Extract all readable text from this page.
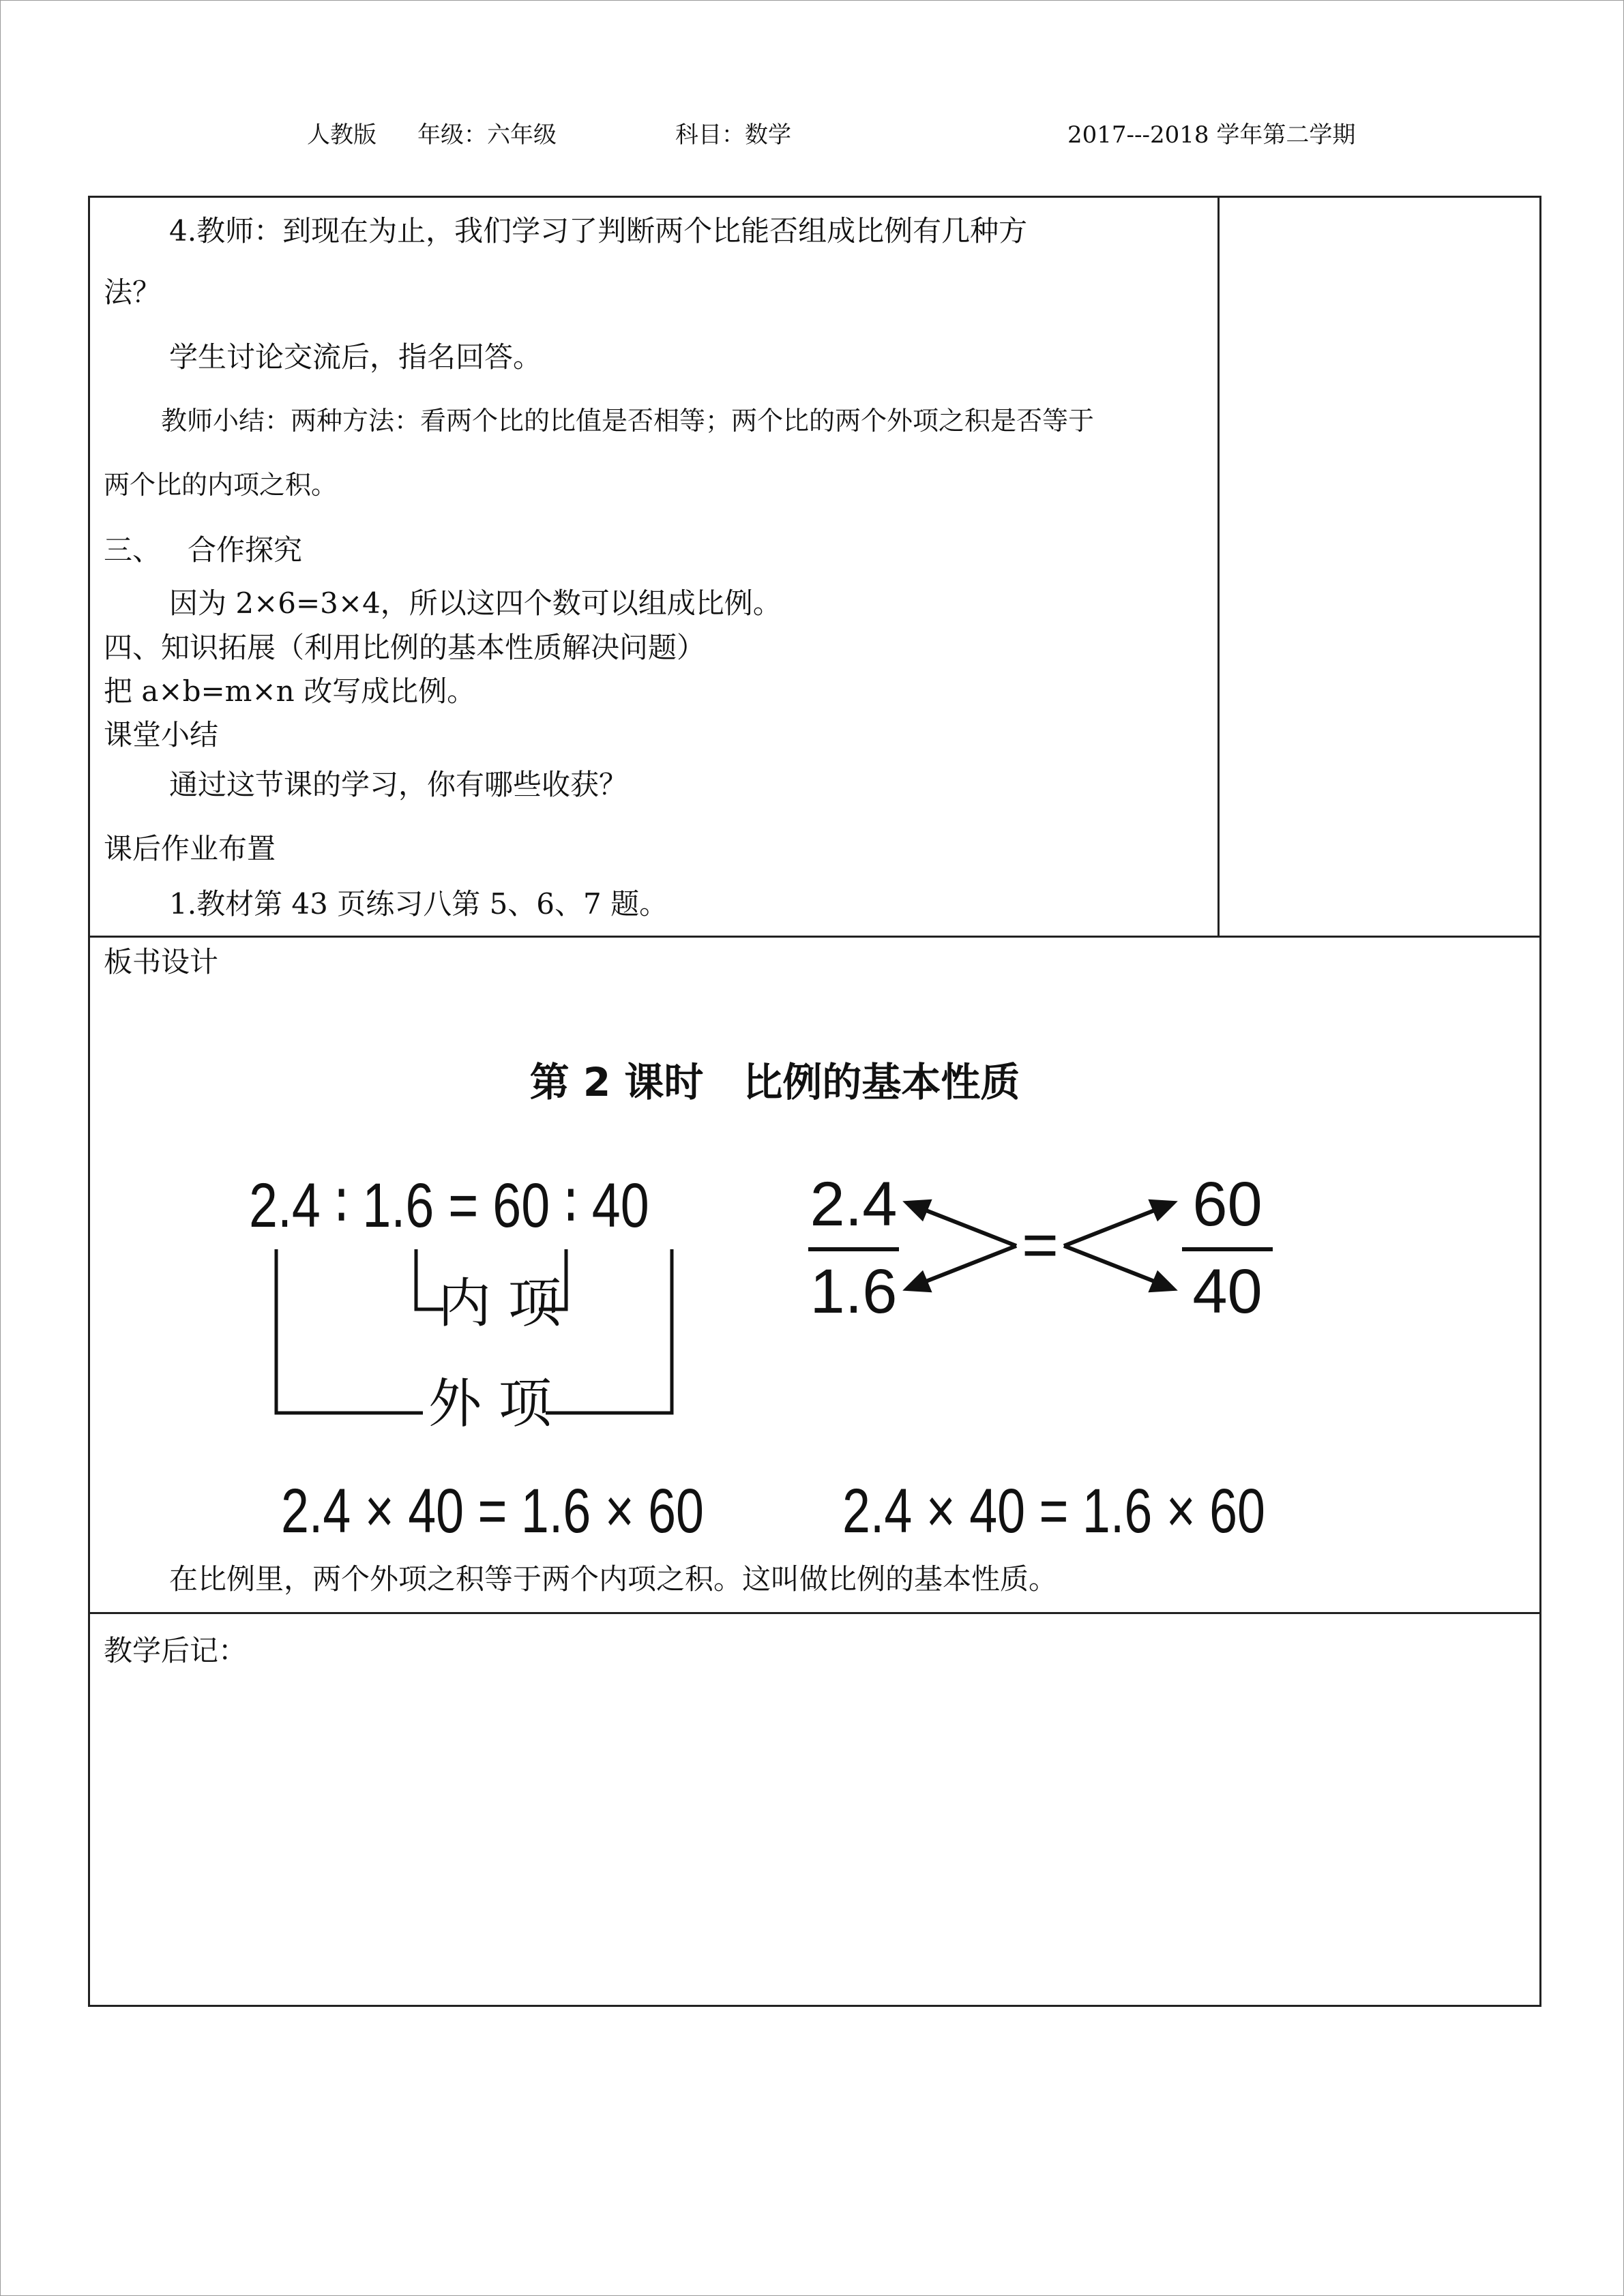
人教版 年级：六年级	科目：数学	2017---2018 学年第二学期
4.教师：到现在为止，我们学习了判断两个比能否组成比例有几种方
法？
学生讨论交流后，指名回答。
教师小结：两种方法：看两个比的比值是否相等；两个比的两个外项之积是否等于
两个比的内项之积。
三、 合作探究
因为 2×6=3×4，所以这四个数可以组成比例。
四、知识拓展（利用比例的基本性质解决问题）
把 a×b=m×n 改写成比例。
课堂小结
通过这节课的学习，你有哪些收获？
课后作业布置
1.教材第 43 页练习八第 5、6、7 题。
板书设计
第 2 课时　比例的基本性质
2.4 ∶ 1.6 = 60 ∶ 40
内 项
外 项
2.4
1.6
=
60
40
2.4 × 40 = 1.6 × 60 2.4 × 40 = 1.6 × 60
在比例里，两个外项之积等于两个内项之积。这叫做比例的基本性质。
教学后记：
